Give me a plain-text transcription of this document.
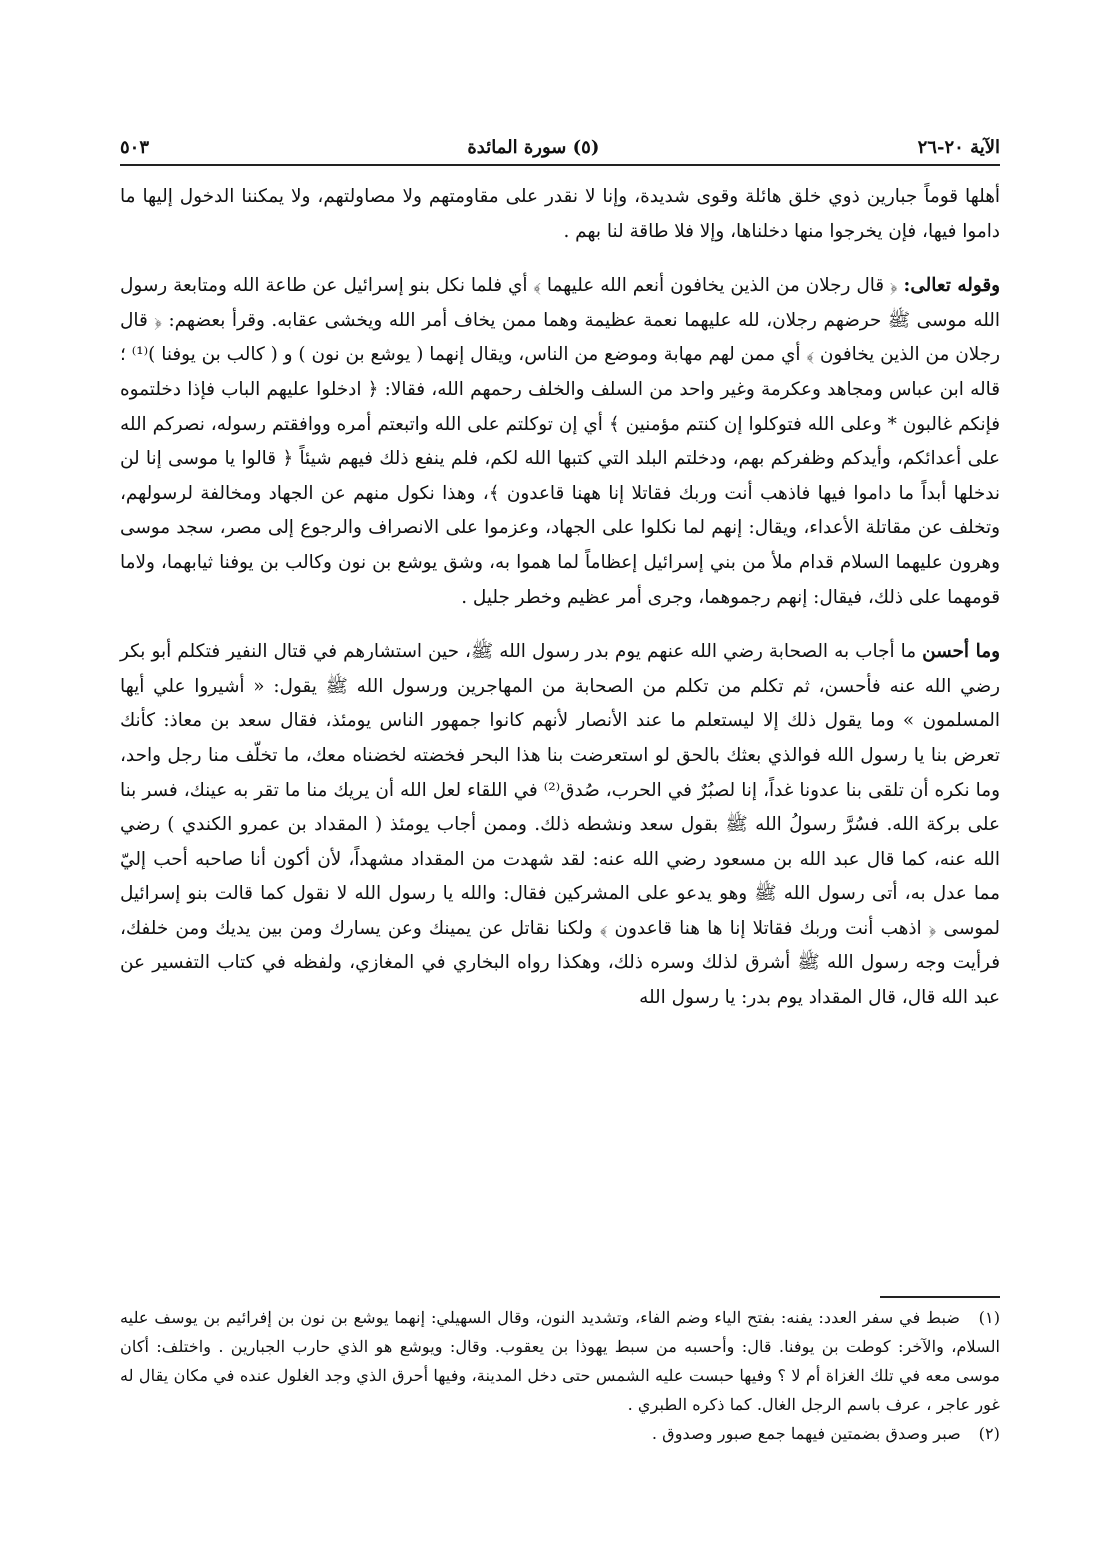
الآية ٢٠-٢٦
(٥) سورة المائدة
٥٠٣

أهلها قوماً جبارين ذوي خلق هائلة وقوى شديدة، وإنا لا نقدر على مقاومتهم ولا مصاولتهم، ولا يمكننا الدخول إليها ما داموا فيها، فإن يخرجوا منها دخلناها، وإلا فلا طاقة لنا بهم .

وقوله تعالى: ﴿ قال رجلان من الذين يخافون أنعم الله عليهما ﴾ أي فلما نكل بنو إسرائيل عن طاعة الله ومتابعة رسول الله موسى ﷺ حرضهم رجلان، لله عليهما نعمة عظيمة وهما ممن يخاف أمر الله ويخشى عقابه. وقرأ بعضهم: ﴿ قال رجلان من الذين يخافون ﴾ أي ممن لهم مهابة وموضع من الناس، ويقال إنهما ( يوشع بن نون ) و ( كالب بن يوفنا )⁽¹⁾ ؛ قاله ابن عباس ومجاهد وعكرمة وغير واحد من السلف والخلف رحمهم الله، فقالا: ﴿ ادخلوا عليهم الباب فإذا دخلتموه فإنكم غالبون * وعلى الله فتوكلوا إن كنتم مؤمنين ﴾ أي إن توكلتم على الله واتبعتم أمره ووافقتم رسوله، نصركم الله على أعدائكم، وأيدكم وظفركم بهم، ودخلتم البلد التي كتبها الله لكم، فلم ينفع ذلك فيهم شيئاً ﴿ قالوا يا موسى إنا لن ندخلها أبداً ما داموا فيها فاذهب أنت وربك فقاتلا إنا ههنا قاعدون ﴾، وهذا نكول منهم عن الجهاد ومخالفة لرسولهم، وتخلف عن مقاتلة الأعداء، ويقال: إنهم لما نكلوا على الجهاد، وعزموا على الانصراف والرجوع إلى مصر، سجد موسى وهرون عليهما السلام قدام ملأ من بني إسرائيل إعظاماً لما هموا به، وشق يوشع بن نون وكالب بن يوفنا ثيابهما، ولاما قومهما على ذلك، فيقال: إنهم رجموهما، وجرى أمر عظيم وخطر جليل .

وما أحسن ما أجاب به الصحابة رضي الله عنهم يوم بدر رسول الله ﷺ، حين استشارهم في قتال النفير فتكلم أبو بكر رضي الله عنه فأحسن، ثم تكلم من تكلم من الصحابة من المهاجرين ورسول الله ﷺ يقول: « أشيروا علي أيها المسلمون » وما يقول ذلك إلا ليستعلم ما عند الأنصار لأنهم كانوا جمهور الناس يومئذ، فقال سعد بن معاذ: كأنك تعرض بنا يا رسول الله فوالذي بعثك بالحق لو استعرضت بنا هذا البحر فخضته لخضناه معك، ما تخلّف منا رجل واحد، وما نكره أن تلقى بنا عدونا غداً، إنا لصبُرٌ في الحرب، صُدق⁽²⁾ في اللقاء لعل الله أن يريك منا ما تقر به عينك، فسر بنا على بركة الله. فسُرَّ رسولُ الله ﷺ بقول سعد ونشطه ذلك. وممن أجاب يومئذ ( المقداد بن عمرو الكندي ) رضي الله عنه، كما قال عبد الله بن مسعود رضي الله عنه: لقد شهدت من المقداد مشهداً، لأن أكون أنا صاحبه أحب إليّ مما عدل به، أتى رسول الله ﷺ وهو يدعو على المشركين فقال: والله يا رسول الله لا نقول كما قالت بنو إسرائيل لموسى ﴿ اذهب أنت وربك فقاتلا إنا ها هنا قاعدون ﴾ ولكنا نقاتل عن يمينك وعن يسارك ومن بين يديك ومن خلفك، فرأيت وجه رسول الله ﷺ أشرق لذلك وسره ذلك، وهكذا رواه البخاري في المغازي، ولفظه في كتاب التفسير عن عبد الله قال، قال المقداد يوم بدر: يا رسول الله

(١) ضبط في سفر العدد: يفنه: بفتح الياء وضم الفاء، وتشديد النون، وقال السهيلي: إنهما يوشع بن نون بن إفرائيم بن يوسف عليه السلام، والآخر: كوطت بن يوفنا. قال: وأحسبه من سبط يهوذا بن يعقوب. وقال: ويوشع هو الذي حارب الجبارين . واختلف: أكان موسى معه في تلك الغزاة أم لا ؟ وفيها حبست عليه الشمس حتى دخل المدينة، وفيها أحرق الذي وجد الغلول عنده في مكان يقال له غور عاجر ، عرف باسم الرجل الغال. كما ذكره الطبري .

(٢) صبر وصدق بضمتين فيهما جمع صبور وصدوق .
